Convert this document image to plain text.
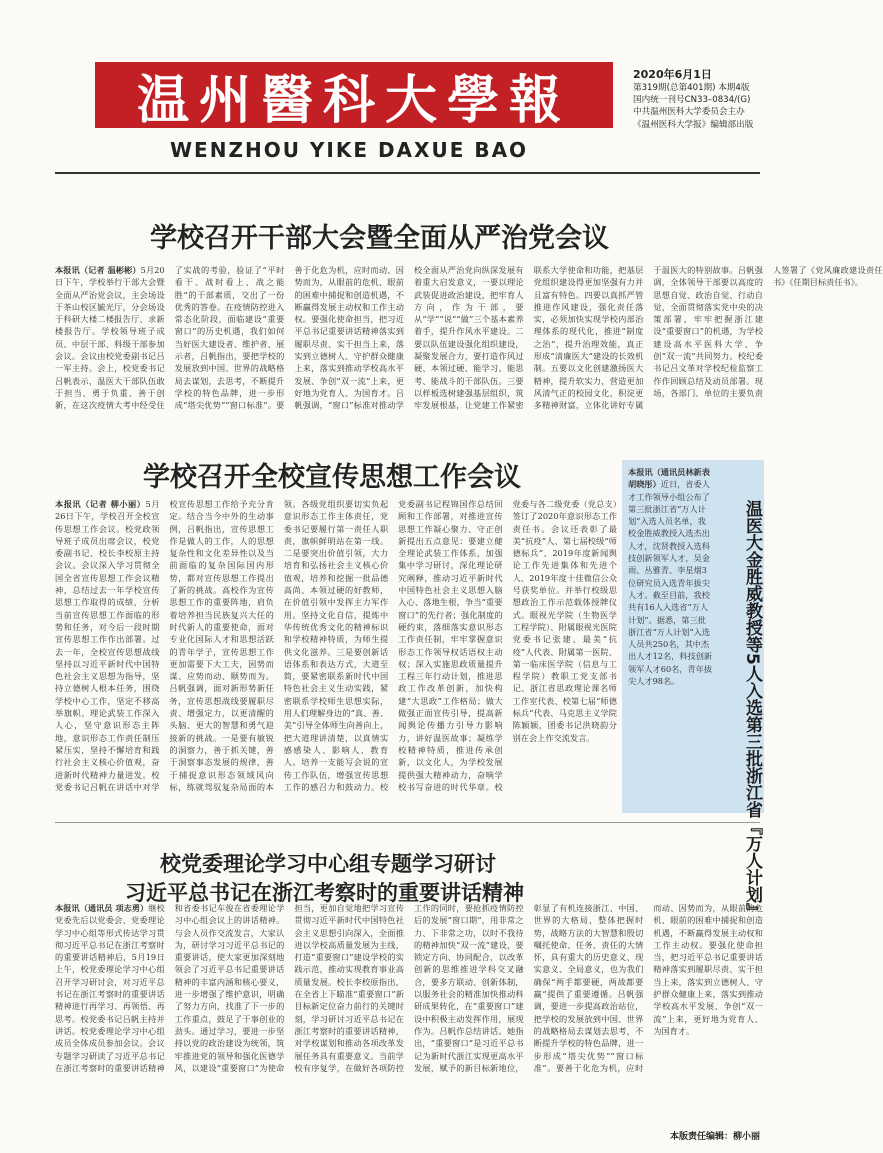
温州醫科大學報
WENZHOU YIKE DAXUE BAO
2020年6月1日
第319期(总第401期) 本期4版
国内统一刊号CN33–0834/(G)
中共温州医科大学委员会主办
《温州医科大学报》编辑部出版
学校召开干部大会暨全面从严治党会议
本报讯（记者 温彬彬）5月20日下午，学校举行干部大会暨全面从严治党会议，主会场设于茶山校区毓光厅，分会场设于科研大楼二楼报告厅、求新楼报告厅。学校领导班子成员、中层干部、科级干部参加会议。会议由校党委副书记吕一军主持。会上，校党委书记吕帆表示，温医大干部队伍敢于担当、勇于负重、善于创新，在这次疫情大考中经受住了实战的考验，验证了“平时看干、战时看上、战之能胜”的干部素质，交出了一份优秀的答卷。在疫情防控进入常态化阶段，面临建设“重要窗口”的历史机遇，我们如何当好医大建设者、维护者、展示者，吕帆指出，要把学校的发展放到中国、世界的战略格局去谋划，去思考，不断提升学校的特色品牌，进一步形成“塔尖优势”“窗口标准”。要善于化危为机，应时而动、因势而为，从眼前的危机、眼前的困难中捕捉和创造机遇，不断赢得发展主动权和工作主动权。要强化使命担当，把习近平总书记重要讲话精神落实到履职尽责、实干担当上来，落实到立德树人、守护群众健康上来，落实到推动学校高水平发展、争创“双一流”上来，更好地为党育人、为国育才。吕帆强调，“窗口”标准对推动学校全面从严治党向纵深发展有着重大启发意义，一要以理论武装促进政治建设，把牢育人方向，作为干部，要从“学”“说”“做”三个基本素养着手，提升作风水平建设。二要以队伍建设强化组织建设，凝聚发展合力，要打造作风过硬、本领过硬、能学习、能思考、能战斗的干部队伍。三要以样板选树建强基层组织，筑牢发展根基，让党建工作紧密联系大学使命和功能，把基层党组织建设得更加坚强有力并且富有特色。四要以真抓严管推进作风建设，强化责任落实，必须加快实现学校内部治理体系的现代化，推进“制度之治”，提升治理效能，真正形成“清廉医大”建设的长效机制。五要以文化创建激扬医大精神，提升软实力，营造更加风清气正的校园文化，积淀更多精神财富，立体化讲好专属于温医大的特别故事。吕帆强调，全体领导干部要以高度的思想自觉、政治自觉、行动自觉，全面贯彻落实党中央的决策部署，牢牢把握浙江建设“重要窗口”的机遇，为学校建设高水平医科大学、争创“双一流”共同努力。校纪委书记吕文革对学校纪检监察工作作回顾总结及动员部署。现场，各部门、单位的主要负责人签署了《党风廉政建设责任书》《任期目标责任书》。
学校召开全校宣传思想工作会议
本报讯（记者 柳小丽）5月26日下午，学校召开全校宣传思想工作会议。校党政领导班子成员出席会议，校党委副书记、校长李校原主持会议。会议深入学习贯彻全国全省宣传思想工作会议精神，总结过去一年学校宣传思想工作取得的成绩，分析当前宣传思想工作面临的形势和任务，对今后一段时期宣传思想工作作出部署。过去一年，全校宣传思想战线坚持以习近平新时代中国特色社会主义思想为指导，坚持立德树人根本任务，围绕学校中心工作，坚定不移高举旗帜、理论武装工作深入人心，坚守意识形态主阵地，意识形态工作责任制压紧压实，坚持不懈培育和践行社会主义核心价值观，奋进新时代精神力量进发。校党委书记吕帆在讲话中对学校宣传思想工作给予充分肯定。结合当今中外的生动事例，吕帆指出，宣传思想工作是做人的工作，人的思想复杂性和文化差异性以及当前面临的复杂国际国内形势，都对宣传思想工作提出了新的挑战。高校作为宣传思想工作的重要阵地，肩负着培养担当民族复兴大任的时代新人的重要使命，面对专业化国际人才和思想活跃的青年学子，宣传思想工作更加需要下大工夫，因势而谋、应势而动、顺势而为。吕帆强调，面对新形势新任务，宣传思想战线要履职尽责、增强定力，以更清醒的头脑、更大的智慧和勇气迎接新的挑战。一是要有敏锐的洞察力，善于抓关键，善于洞察事态发展的规律，善于捕捉意识形态领域风向标，练就驾驭复杂局面的本领。各级党组织要切实负起意识形态工作主体责任，党委书记要履行第一责任人职责，旗帜鲜明站在第一线。二是要突出价值引领，大力培育和弘扬社会主义核心价值观，培养和挖掘一批品德高尚、本领过硬的好教师，在价值引领中发挥主力军作用。坚持文化自信，提炼中华传统优秀文化的精神标识和学校精神特质，为师生提供文化滋养。三是要创新话语体系和表达方式，大道至简，要紧密联系新时代中国特色社会主义生动实践，紧密联系学校师生思想实际，用人们理解身边的“真、善、美”引导全体师生向善向上，把大道理讲清楚，以真情实感感染人、影响人、教育人。培养一支能写会说的宣传工作队伍，增强宣传思想工作的感召力和鼓动力。校党委副书记程锦国作总结回顾和工作部署，对推进宣传思想工作凝心聚力、守正创新提出五点意见：要建立健全理论武装工作体系，加强集中学习研讨，深化理论研究阐释，推动习近平新时代中国特色社会主义思想入脑入心、落地生根，争当“重要窗口”的先行者；强化制度的硬约束，落细落实意识形态工作责任制，牢牢掌握意识形态工作领导权话语权主动权；深入实施思政质量提升工程三年行动计划，推进思政工作改革创新，加快构建“大思政”工作格局；做大做强正面宣传引导，提高新闻舆论传播力引导力影响力，讲好温医故事；凝练学校精神特质，推进传承创新，以文化人，为学校发展提供强大精神动力，奋响学校书写奋进的时代华章。校党委与各二级党委（党总支）签订了2020年意识形态工作责任书。会议还表彰了最美“抗疫”人、第七届校级“师德标兵”、2019年度新闻舆论工作先进集体和先进个人、2019年度十佳微信公众号获奖单位。并举行校级思想政治工作示范载体授牌仪式。眼视光学院（生物医学工程学院）、附属眼视光医院党委书记张建、最美“抗疫”人代表、附属第一医院、第一临床医学院（信息与工程学院）教职工党支部书记、浙江省思政理论课名师工作室代表、校第七届“师德标兵”代表、马克思主义学院陈颖颖，团委书记洪晓韵分别在会上作交流发言。
本报讯（通讯员林新表胡晓彤）近日，省委人才工作领导小组公布了第三批浙江省“万人计划”入选人员名单，我校金胜威教授入选杰出人才，沈贤教授入选科技创新领军人才，吴金雨、丛雅青、李星烟3位研究员入选青年拔尖人才。截至目前，我校共有16人入选省“万人计划”。据悉，第三批浙江省“万人计划”入选人员共250名，其中杰出人才12名，科技创新领军人才60名，青年拔尖人才98名。	温医大金胜威教授等5人入选第三批浙江省『万人计划』
校党委理论学习中心组专题学习研讨
习近平总书记在浙江考察时的重要讲话精神
本报讯（通讯员 项志勇）继校党委先后以党委会、党委理论学习中心组等形式传达学习贯彻习近平总书记在浙江考察时的重要讲话精神后，5月19日上午，校党委理论学习中心组召开学习研讨会，对习近平总书记在浙江考察时的重要讲话精神进行再学习、再领悟、再思考。校党委书记吕帆主持并讲话。校党委理论学习中心组成员全体成员参加会议。会议专题学习研读了习近平总书记在浙江考察时的重要讲话精神和省委书记车俊在省委理论学习中心组会议上的讲话精神。与会人员作交流发言，大家认为，研讨学习习近平总书记的重要讲话，使大家更加深刻地领会了习近平总书记重要讲话精神的丰富内涵和核心要义，进一步增强了维护意识，明确了努力方向，找准了下一步的工作重点，鼓足了干事创业的劲头。通过学习，要进一步坚持以党的政治建设为统领，筑牢推进党的领导和强化医德学风，以建设“重要窗口”为使命担当，更加自觉地把学习宣传贯彻习近平新时代中国特色社会主义思想引向深入，全面推进以学校高质量发展为主线，打造“重要窗口”建设学校的实践示范，推动实现教育事业高质量发展。校长李校原指出，在全省上下瞄准“重要窗口”新目标新定位奋力前行的关键时刻，学习研讨习近平总书记在浙江考察时的重要讲话精神，对学校谋划和推动各项改革发展任务具有重要意义。当前学校有序复学，在做好各项防控工作的同时，要抢抓疫情防控后的发展“窗口期”，用非常之力、下非常之功，以时不我待的精神加快“双一流”建设，要锁定方向、协同配合，以改革创新的思维推进学科交叉融合，要多方联动、创新体制，以服务社会的精准加快推动科研成果转化，在“重要窗口”建设中积极主动发挥作用，展现作为。吕帆作总结讲话。她指出，“重要窗口”是习近平总书记为新时代浙江实现更高水平发展，赋予的新目标新地位，彰显了有机连接浙江、中国、世界的大格局，整体把握时势，战略方法的大智慧和殷切嘱托使命、任务、责任的大情怀，具有重大的历史意义、现实意义、全局意义，也为我们确保“两手都要硬，两战都要赢”提供了重要遵循。吕帆强调，要进一步提高政治站位，把学校的发展放到中国、世界的战略格局去谋划去思考，不断提升学校的特色品牌，进一步形成“塔尖优势”“窗口标准”。要善于化危为机，应时而动、因势而为，从眼前的危机、眼前的困难中捕捉和创造机遇，不断赢得发展主动权和工作主动权。要强化使命担当，把习近平总书记重要讲话精神落实到履职尽责、实干担当上来，落实到立德树人、守护群众健康上来，落实到推动学校高水平发展、争创“双一流”上来，更好地为党育人、为国育才。
本版责任编辑：柳小丽
